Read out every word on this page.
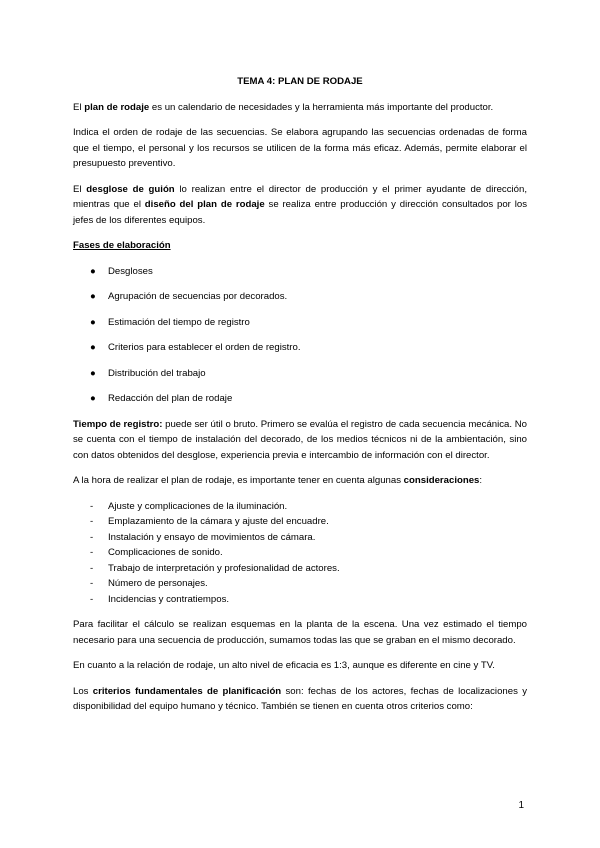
TEMA 4: PLAN DE RODAJE

El plan de rodaje es un calendario de necesidades y la herramienta más importante del productor.

Indica el orden de rodaje de las secuencias. Se elabora agrupando las secuencias ordenadas de forma que el tiempo, el personal y los recursos se utilicen de la forma más eficaz. Además, permite elaborar el presupuesto preventivo.

El desglose de guión lo realizan entre el director de producción y el primer ayudante de dirección, mientras que el diseño del plan de rodaje se realiza entre producción y dirección consultados por los jefes de los diferentes equipos.

Fases de elaboración
● Desgloses
● Agrupación de secuencias por decorados.
● Estimación del tiempo de registro
● Criterios para establecer el orden de registro.
● Distribución del trabajo
● Redacción del plan de rodaje

Tiempo de registro: puede ser útil o bruto. Primero se evalúa el registro de cada secuencia mecánica. No se cuenta con el tiempo de instalación del decorado, de los medios técnicos ni de la ambientación, sino con datos obtenidos del desglose, experiencia previa e intercambio de información con el director.

A la hora de realizar el plan de rodaje, es importante tener en cuenta algunas consideraciones:

- Ajuste y complicaciones de la iluminación.
- Emplazamiento de la cámara y ajuste del encuadre.
- Instalación y ensayo de movimientos de cámara.
- Complicaciones de sonido.
- Trabajo de interpretación y profesionalidad de actores.
- Número de personajes.
- Incidencias y contratiempos.

Para facilitar el cálculo se realizan esquemas en la planta de la escena. Una vez estimado el tiempo necesario para una secuencia de producción, sumamos todas las que se graban en el mismo decorado.

En cuanto a la relación de rodaje, un alto nivel de eficacia es 1:3, aunque es diferente en cine y TV.

Los criterios fundamentales de planificación son: fechas de los actores, fechas de localizaciones y disponibilidad del equipo humano y técnico. También se tienen en cuenta otros criterios como:

1
